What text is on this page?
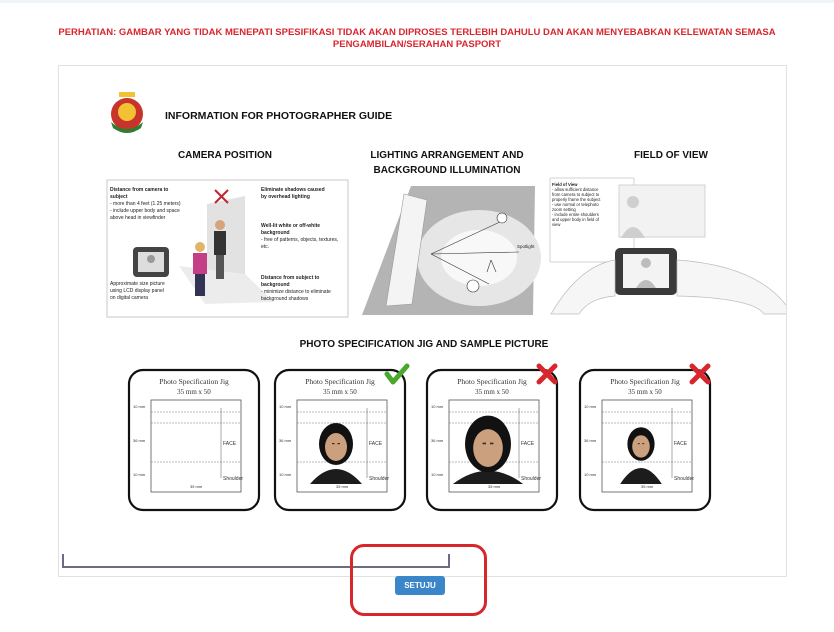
PERHATIAN: GAMBAR YANG TIDAK MENEPATI SPESIFIKASI TIDAK AKAN DIPROSES TERLEBIH DAHULU DAN AKAN MENYEBABKAN KELEWATAN SEMASA
PENGAMBILAN/SERAHAN PASPORT
INFORMATION FOR PHOTOGRAPHER GUIDE
CAMERA POSITION	LIGHTING ARRANGEMENT AND
BACKGROUND ILLUMINATION
FIELD OF VIEW
Distance from camera to
subject
- more than 4 feet (1.25 meters)
- include upper body and space
above head in viewfinder
Approximate size picture
using LCD display panel
on digital camera
Eliminate shadows caused
by overhead lighting
Well-lit white or off-white
background
- free of patterns, objects, textures,
etc.
Distance from subject to
background
- minimize distance to eliminate
background shadows
Spotlight
Field of View
- allow sufficient distance
from camera to subject to
properly frame the subject
- use normal or telephoto
zoom setting
- include entire shoulders
and upper body in field of
view
PHOTO SPECIFICATION JIG AND SAMPLE PICTURE
Photo Specification Jig
35 mm x 50
10 mm
36 mm
10 mm
35 mm
FACE
Shoulder
Photo Specification Jig
35 mm x 50
10 mm
36 mm
10 mm
35 mm
FACE
Shoulder
Photo Specification Jig
35 mm x 50
10 mm
36 mm
10 mm
35 mm
FACE
Shoulder
Photo Specification Jig
35 mm x 50
10 mm
36 mm
10 mm
35 mm
FACE
Shoulder
SETUJU
